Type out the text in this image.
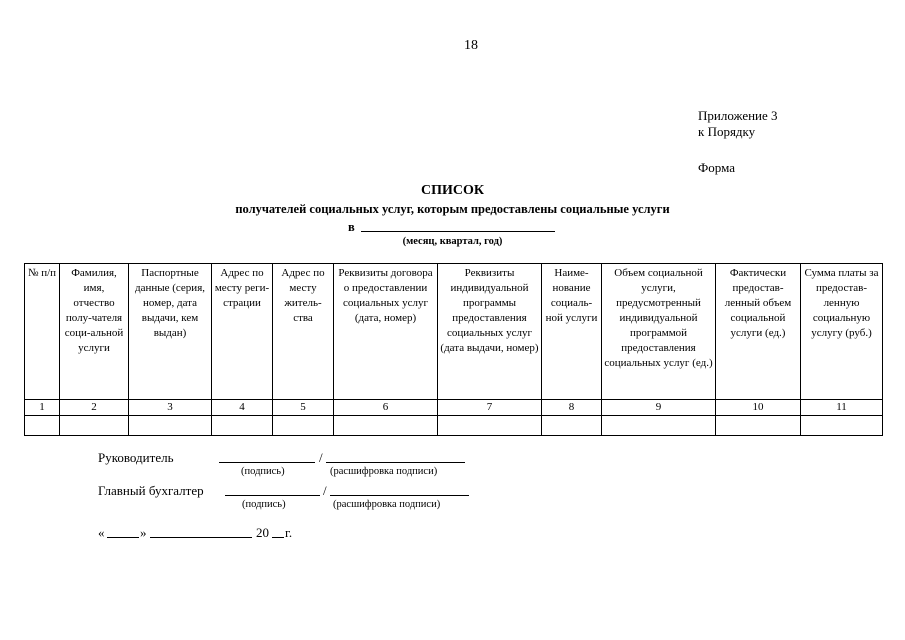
18
Приложение 3
к Порядку
Форма
СПИСОК
получателей социальных услуг, которым предоставлены социальные услуги
в
(месяц, квартал, год)
№ п/п	Фамилия, имя, отчество полу-чателя соци-альной услуги	Паспортные данные (серия, номер, дата выдачи, кем выдан)	Адрес по месту реги-страции	Адрес по месту житель-ства	Реквизиты договора о предоставлении социальных услуг (дата, номер)	Реквизиты индивидуальной программы предоставления социальных услуг (дата выдачи, номер)	Наиме-нование социаль-ной услуги	Объем социальной услуги, предусмотренный индивидуальной программой предоставления социальных услуг (ед.)	Фактически предостав-ленный объем социальной услуги (ед.)	Сумма платы за предостав-ленную социальную услугу (руб.)
1	2	3	4	5	6	7	8	9	10	11

Руководитель	/
(подпись)	(расшифровка подписи)
Главный бухгалтер	/
(подпись)	(расшифровка подписи)
«	»	20 г.
